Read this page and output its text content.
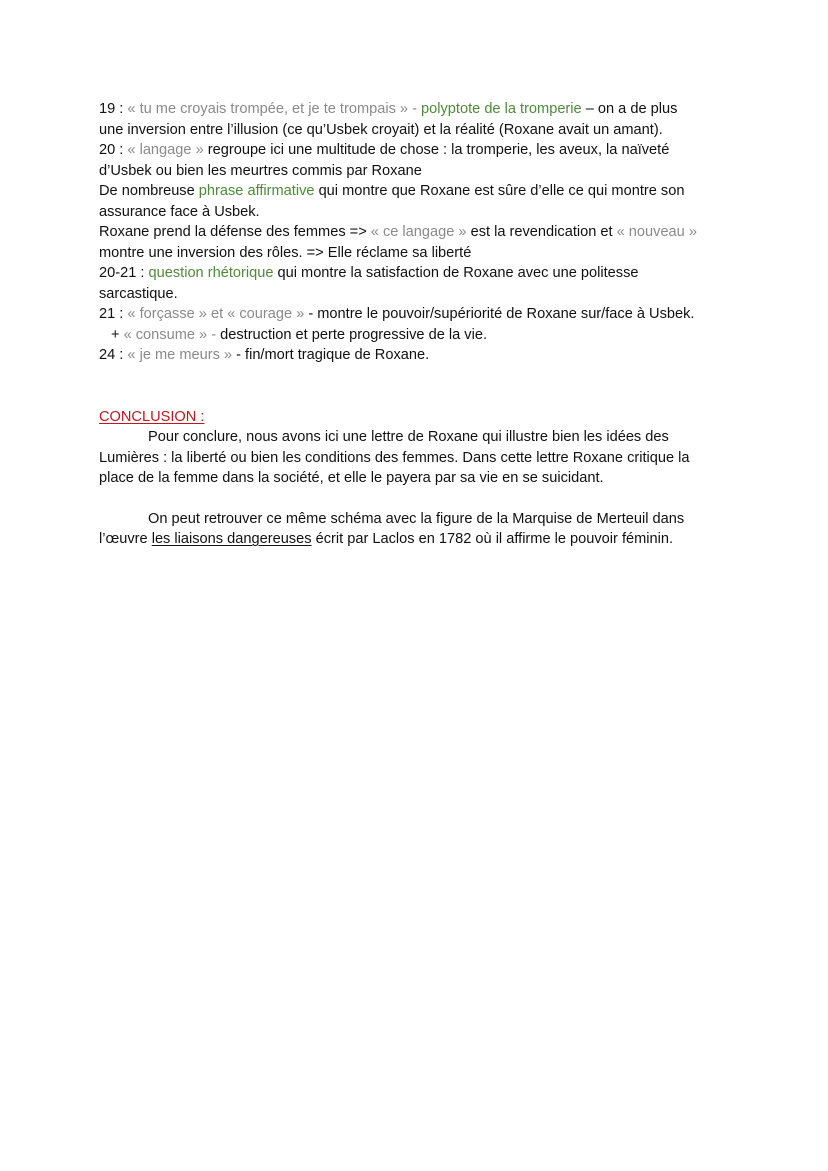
19 : « tu me croyais trompée, et je te trompais » - polyptote de la tromperie – on a de plus
une inversion entre l’illusion (ce qu’Usbek croyait) et la réalité (Roxane avait un amant).
20 : « langage » regroupe ici une multitude de chose : la tromperie, les aveux, la naïveté
d’Usbek ou bien les meurtres commis par Roxane
De nombreuse phrase affirmative qui montre que Roxane est sûre d’elle ce qui montre son
assurance face à Usbek.
Roxane prend la défense des femmes => « ce langage » est la revendication et « nouveau »
montre une inversion des rôles. => Elle réclame sa liberté
20-21 : question rhétorique qui montre la satisfaction de Roxane avec une politesse
sarcastique.
21 : « forçasse » et « courage » - montre le pouvoir/supériorité de Roxane sur/face à Usbek.
+ « consume » - destruction et perte progressive de la vie.
24 : « je me meurs » - fin/mort tragique de Roxane.
CONCLUSION :
Pour conclure, nous avons ici une lettre de Roxane qui illustre bien les idées des
Lumières : la liberté ou bien les conditions des femmes. Dans cette lettre Roxane critique la
place de la femme dans la société, et elle le payera par sa vie en se suicidant.
On peut retrouver ce même schéma avec la figure de la Marquise de Merteuil dans
l’œuvre les liaisons dangereuses écrit par Laclos en 1782 où il affirme le pouvoir féminin.
